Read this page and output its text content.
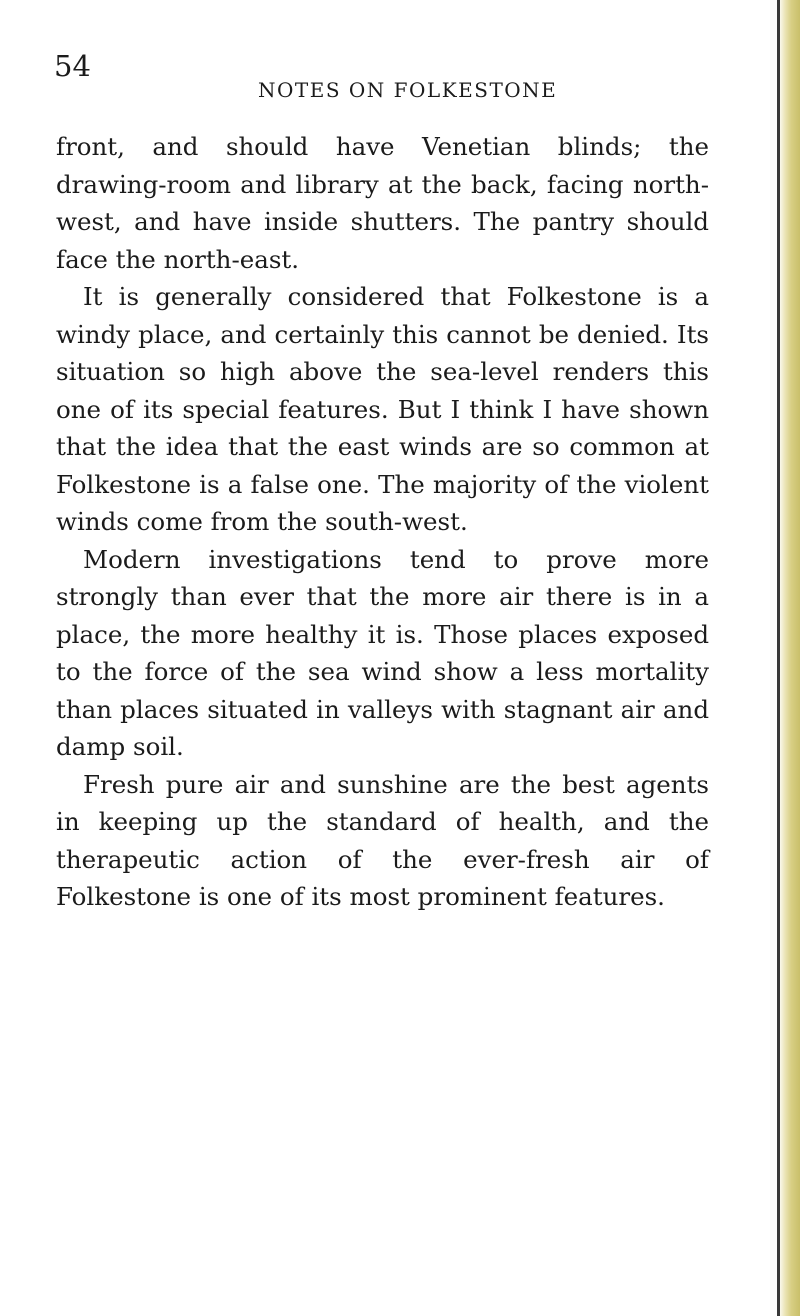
54

NOTES ON FOLKESTONE

front, and should have Venetian blinds; the drawing-room and library at the back, facing north-west, and have inside shutters. The pantry should face the north-east.

It is generally considered that Folkestone is a windy place, and certainly this cannot be denied. Its situation so high above the sea-level renders this one of its special features. But I think I have shown that the idea that the east winds are so common at Folkestone is a false one. The majority of the violent winds come from the south-west.

Modern investigations tend to prove more strongly than ever that the more air there is in a place, the more healthy it is. Those places exposed to the force of the sea wind show a less mortality than places situated in valleys with stagnant air and damp soil.

Fresh pure air and sunshine are the best agents in keeping up the standard of health, and the therapeutic action of the ever-fresh air of Folkestone is one of its most prominent features.
